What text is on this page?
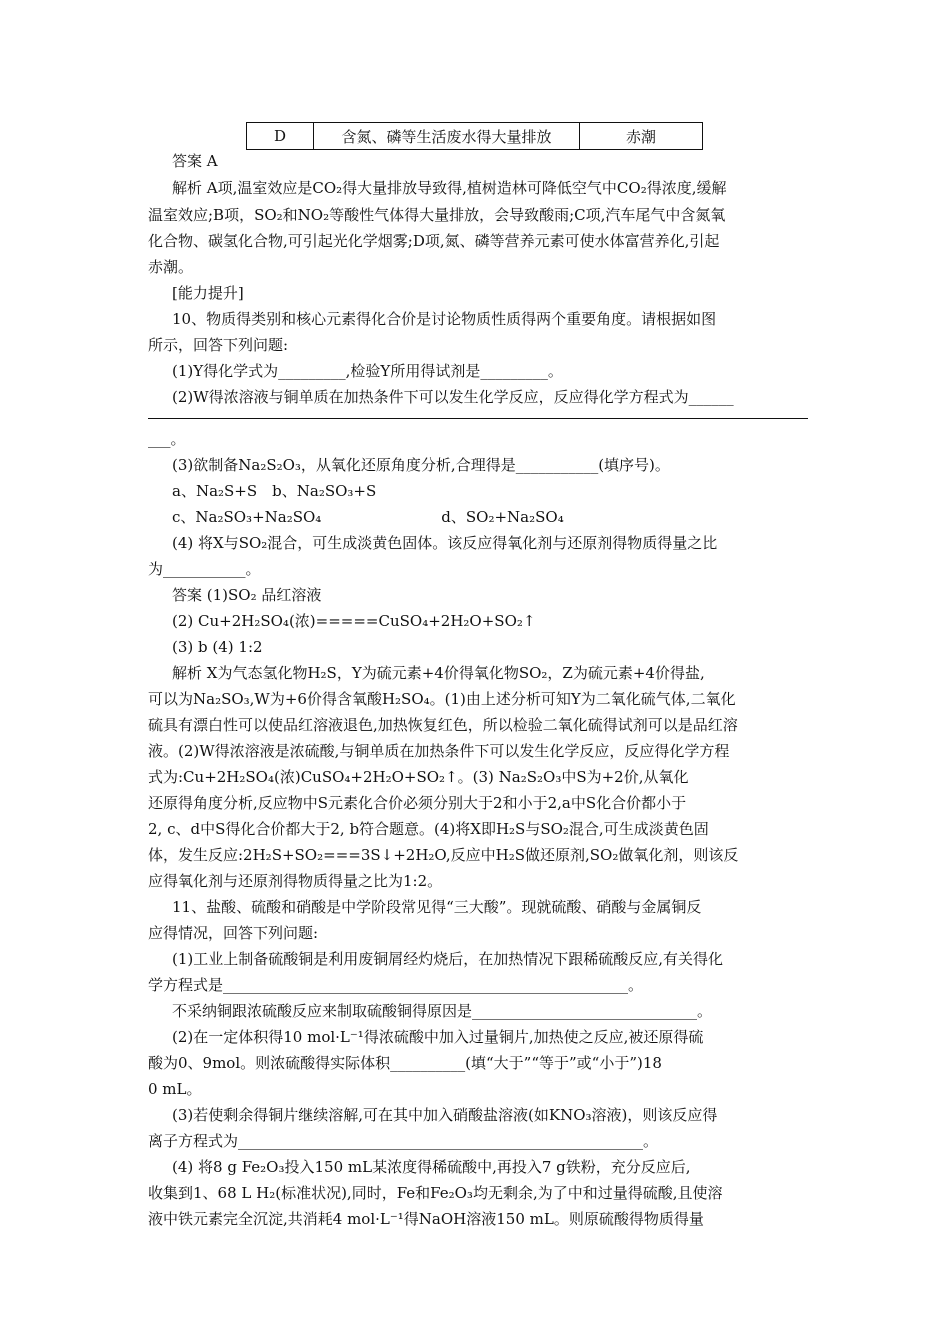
D	含氮、磷等生活废水得大量排放	赤潮
答案 A
解析 A项,温室效应是CO₂得大量排放导致得,植树造林可降低空气中CO₂得浓度,缓解
温室效应;B项，SO₂和NO₂等酸性气体得大量排放，会导致酸雨;C项,汽车尾气中含氮氧
化合物、碳氢化合物,可引起光化学烟雾;D项,氮、磷等营养元素可使水体富营养化,引起
赤潮。
[能力提升]
10、物质得类别和核心元素得化合价是讨论物质性质得两个重要角度。请根据如图
所示，回答下列问题:
(1)Y得化学式为_________,检验Y所用得试剂是_________。
(2)W得浓溶液与铜单质在加热条件下可以发生化学反应，反应得化学方程式为______
___。
(3)欲制备Na₂S₂O₃，从氧化还原角度分析,合理得是___________(填序号)。
a、Na₂S+S　b、Na₂SO₃+S
c、Na₂SO₃+Na₂SO₄　　　　　　　　d、SO₂+Na₂SO₄
(4) 将X与SO₂混合，可生成淡黄色固体。该反应得氧化剂与还原剂得物质得量之比
为___________。
答案 (1)SO₂ 品红溶液
(2) Cu+2H₂SO₄(浓)=====CuSO₄+2H₂O+SO₂↑
(3) b (4) 1:2
解析 X为气态氢化物H₂S，Y为硫元素+4价得氧化物SO₂，Z为硫元素+4价得盐,
可以为Na₂SO₃,W为+6价得含氧酸H₂SO₄。(1)由上述分析可知Y为二氧化硫气体,二氧化
硫具有漂白性可以使品红溶液退色,加热恢复红色，所以检验二氧化硫得试剂可以是品红溶
液。(2)W得浓溶液是浓硫酸,与铜单质在加热条件下可以发生化学反应，反应得化学方程
式为:Cu+2H₂SO₄(浓)CuSO₄+2H₂O+SO₂↑。(3) Na₂S₂O₃中S为+2价,从氧化
还原得角度分析,反应物中S元素化合价必须分别大于2和小于2,a中S化合价都小于
2, c、d中S得化合价都大于2, b符合题意。(4)将X即H₂S与SO₂混合,可生成淡黄色固
体，发生反应:2H₂S+SO₂===3S↓+2H₂O,反应中H₂S做还原剂,SO₂做氧化剂，则该反
应得氧化剂与还原剂得物质得量之比为1:2。
11、盐酸、硫酸和硝酸是中学阶段常见得“三大酸”。现就硫酸、硝酸与金属铜反
应得情况，回答下列问题:
(1)工业上制备硫酸铜是利用废铜屑经灼烧后，在加热情况下跟稀硫酸反应,有关得化
学方程式是______________________________________________________。
不采纳铜跟浓硫酸反应来制取硫酸铜得原因是______________________________。
(2)在一定体积得10 mol·L⁻¹得浓硫酸中加入过量铜片,加热使之反应,被还原得硫
酸为0、9mol。则浓硫酸得实际体积__________(填“大于”“等于”或“小于”)18
0 mL。
(3)若使剩余得铜片继续溶解,可在其中加入硝酸盐溶液(如KNO₃溶液)，则该反应得
离子方程式为______________________________________________________。
(4) 将8 g Fe₂O₃投入150 mL某浓度得稀硫酸中,再投入7 g铁粉，充分反应后,
收集到1、68 L H₂(标准状况),同时，Fe和Fe₂O₃均无剩余,为了中和过量得硫酸,且使溶
液中铁元素完全沉淀,共消耗4 mol·L⁻¹得NaOH溶液150 mL。则原硫酸得物质得量
